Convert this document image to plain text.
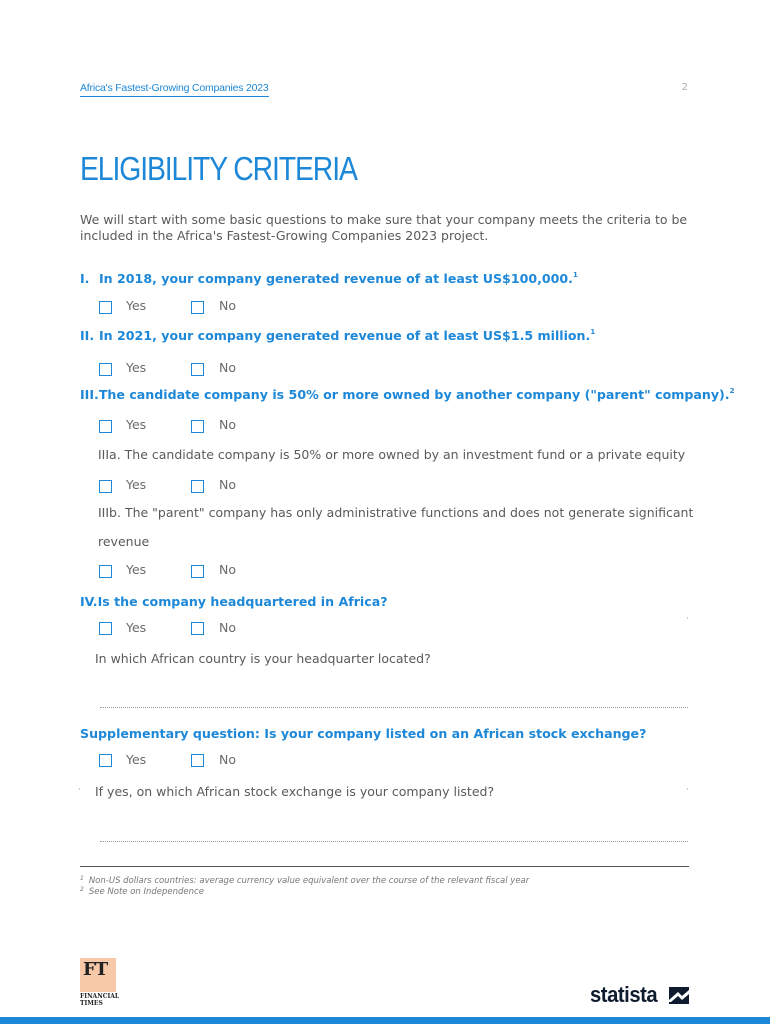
Africa's Fastest-Growing Companies 2023	2
ELIGIBILITY CRITERIA
We will start with some basic questions to make sure that your company meets the criteria to be included in the Africa's Fastest-Growing Companies 2023 project.
I. In 2018, your company generated revenue of at least US$100,000.$^1$
Yes	No
II. In 2021, your company generated revenue of at least US$1.5 million.$^1$
Yes	No
III.The candidate company is 50% or more owned by another company ("parent" company).$^2$
Yes	No
IIIa. The candidate company is 50% or more owned by an investment fund or a private equity
Yes	No
IIIb. The "parent" company has only administrative functions and does not generate significant
revenue
Yes	No
IV.Is the company headquartered in Africa?
Yes	No
·
In which African country is your headquarter located?
Supplementary question: Is your company listed on an African stock exchange?
Yes	No
· If yes, on which African stock exchange is your company listed?	·
$^1$ Non-US dollars countries: average currency value equivalent over the course of the relevant fiscal year
$^2$ See Note on Independence
FT
FINANCIAL
TIMES	statista
